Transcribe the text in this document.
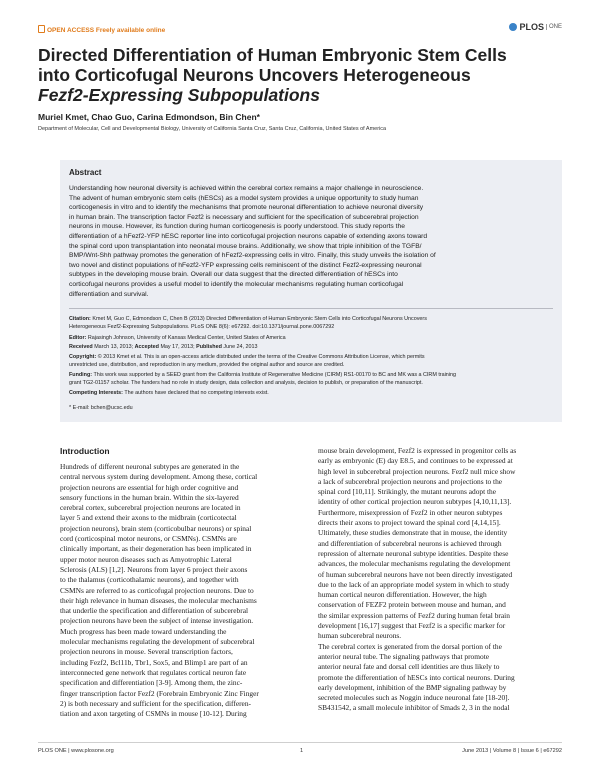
OPEN ACCESS Freely available online	PLOS ONE
Directed Differentiation of Human Embryonic Stem Cells
into Corticofugal Neurons Uncovers Heterogeneous
Fezf2-Expressing Subpopulations
Muriel Kmet, Chao Guo, Carina Edmondson, Bin Chen*
Department of Molecular, Cell and Developmental Biology, University of California Santa Cruz, Santa Cruz, California, United States of America
Abstract
Understanding how neuronal diversity is achieved within the cerebral cortex remains a major challenge in neuroscience.
The advent of human embryonic stem cells (hESCs) as a model system provides a unique opportunity to study human
corticogenesis in vitro and to identify the mechanisms that promote neuronal differentiation to achieve neuronal diversity
in human brain. The transcription factor Fezf2 is necessary and sufficient for the specification of subcerebral projection
neurons in mouse. However, its function during human corticogenesis is poorly understood. This study reports the
differentiation of a hFezf2-YFP hESC reporter line into corticofugal projection neurons capable of extending axons toward
the spinal cord upon transplantation into neonatal mouse brains. Additionally, we show that triple inhibition of the TGFB/
BMP/Wnt-Shh pathway promotes the generation of hFezf2-expressing cells in vitro. Finally, this study unveils the isolation of
two novel and distinct populations of hFezf2-YFP expressing cells reminiscent of the distinct Fezf2-expressing neuronal
subtypes in the developing mouse brain. Overall our data suggest that the directed differentiation of hESCs into
corticofugal neurons provides a useful model to identify the molecular mechanisms regulating human corticofugal
differentiation and survival.
Citation: Kmet M, Guo C, Edmondson C, Chen B (2013) Directed Differentiation of Human Embryonic Stem Cells into Corticofugal Neurons Uncovers
Heterogeneous Fezf2-Expressing Subpopulations. PLoS ONE 8(6): e67292. doi:10.1371/journal.pone.0067292
Editor: Rajasingh Johnson, University of Kansas Medical Center, United States of America
Received March 13, 2013; Accepted May 17, 2013; Published June 24, 2013
Copyright: © 2013 Kmet et al. This is an open-access article distributed under the terms of the Creative Commons Attribution License, which permits
unrestricted use, distribution, and reproduction in any medium, provided the original author and source are credited.
Funding: This work was supported by a SEED grant from the California Institute of Regenerative Medicine (CIRM) RS1-00170 to BC and MK was a CIRM training
grant TG2-01157 scholar. The funders had no role in study design, data collection and analysis, decision to publish, or preparation of the manuscript.
Competing Interests: The authors have declared that no competing interests exist.
* E-mail: bchen@ucsc.edu
Introduction
Hundreds of different neuronal subtypes are generated in the
central nervous system during development. Among these, cortical
projection neurons are essential for high order cognitive and
sensory functions in the human brain. Within the six-layered
cerebral cortex, subcerebral projection neurons are located in
layer 5 and extend their axons to the midbrain (corticotectal
projection neurons), brain stem (corticobulbar neurons) or spinal
cord (corticospinal motor neurons, or CSMNs). CSMNs are
clinically important, as their degeneration has been implicated in
upper motor neuron diseases such as Amyotrophic Lateral
Sclerosis (ALS) [1,2]. Neurons from layer 6 project their axons
to the thalamus (corticothalamic neurons), and together with
CSMNs are referred to as corticofugal projection neurons. Due to
their high relevance in human diseases, the molecular mechanisms
that underlie the specification and differentiation of subcerebral
projection neurons have been the subject of intense investigation.
Much progress has been made toward understanding the
molecular mechanisms regulating the development of subcerebral
projection neurons in mouse. Several transcription factors,
including Fezf2, Bcl11b, Tbr1, Sox5, and Blimp1 are part of an
interconnected gene network that regulates cortical neuron fate
specification and differentiation [3-9]. Among them, the zinc-
finger transcription factor Fezf2 (Forebrain Embryonic Zinc Finger
2) is both necessary and sufficient for the specification, differen-
tiation and axon targeting of CSMNs in mouse [10-12]. During
mouse brain development, Fezf2 is expressed in progenitor cells as
early as embryonic (E) day E8.5, and continues to be expressed at
high level in subcerebral projection neurons. Fezf2 null mice show
a lack of subcerebral projection neurons and projections to the
spinal cord [10,11]. Strikingly, the mutant neurons adopt the
identity of other cortical projection neuron subtypes [4,10,11,13].
Furthermore, misexpression of Fezf2 in other neuron subtypes
directs their axons to project toward the spinal cord [4,14,15].
Ultimately, these studies demonstrate that in mouse, the identity
and differentiation of subcerebral neurons is achieved through
repression of alternate neuronal subtype identities. Despite these
advances, the molecular mechanisms regulating the development
of human subcerebral neurons have not been directly investigated
due to the lack of an appropriate model system in which to study
human cortical neuron differentiation. However, the high
conservation of FEZF2 protein between mouse and human, and
the similar expression patterns of Fezf2 during human fetal brain
development [16,17] suggest that Fezf2 is a specific marker for
human subcerebral neurons.
The cerebral cortex is generated from the dorsal portion of the
anterior neural tube. The signaling pathways that promote
anterior neural fate and dorsal cell identities are thus likely to
promote the differentiation of hESCs into cortical neurons. During
early development, inhibition of the BMP signaling pathway by
secreted molecules such as Noggin induce neuronal fate [18-20].
SB431542, a small molecule inhibitor of Smads 2, 3 in the nodal
PLOS ONE | www.plosone.org	1	June 2013 | Volume 8 | Issue 6 | e67292
